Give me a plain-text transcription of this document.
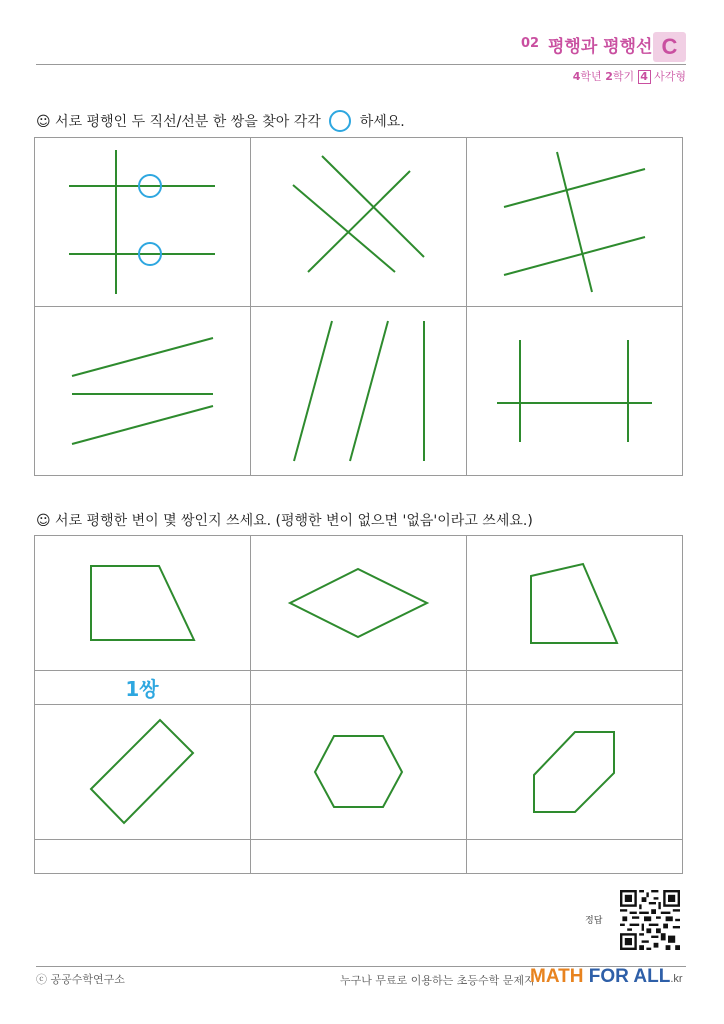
02 평행과 평행선 C
4학년 2학기 4 사각형
☺ 서로 평행인 두 직선/선분 한 쌍을 찾아 각각 ○ 하세요.
☺ 서로 평행한 변이 몇 쌍인지 쓰세요. (평행한 변이 없으면 '없음'이라고 쓰세요.)
1쌍
정답
ⓒ 공공수학연구소	누구나 무료로 이용하는 초등수학 문제지
MATH FOR ALL.kr
